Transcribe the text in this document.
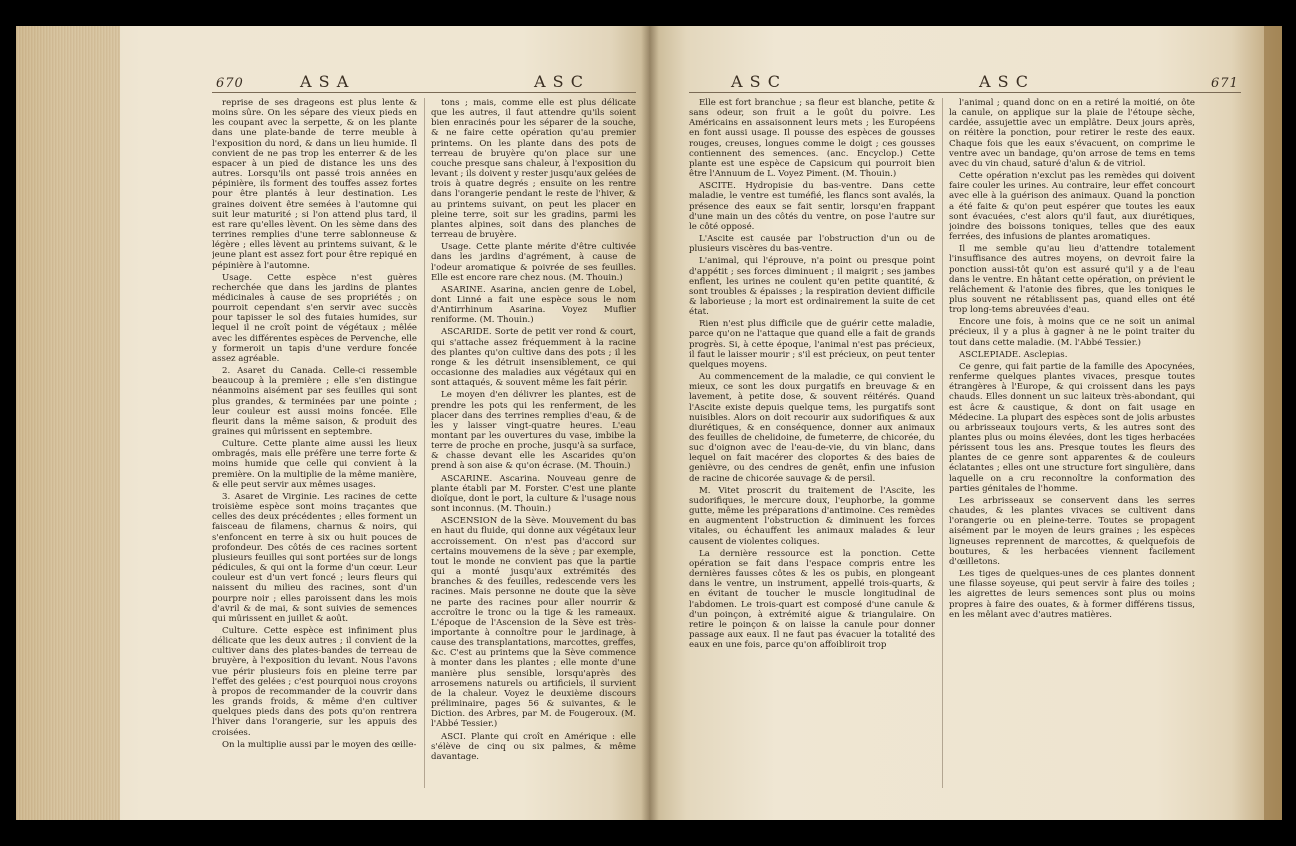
670	A S A	A S C

reprise de ses drageons est plus lente & moins sûre. On les sépare des vieux pieds en les coupant avec la serpette, & on les plante dans une plate-bande de terre meuble à l'exposition du nord, & dans un lieu humide. Il convient de ne pas trop les enterrer & de les espacer à un pied de distance les uns des autres. Lorsqu'ils ont passé trois années en pépinière, ils forment des touffes assez fortes pour être plantés à leur destination. Les graines doivent être semées à l'automne qui suit leur maturité ; si l'on attend plus tard, il est rare qu'elles lèvent. On les sème dans des terrines remplies d'une terre sablonneuse & légère ; elles lèvent au printems suivant, & le jeune plant est assez fort pour être repiqué en pépinière à l'automne.

Usage. Cette espèce n'est guères recherchée que dans les jardins de plantes médicinales à cause de ses propriétés ; on pourroit cependant s'en servir avec succès pour tapisser le sol des futaies humides, sur lequel il ne croît point de végétaux ; mêlée avec les différentes espèces de Pervenche, elle y formeroit un tapis d'une verdure foncée assez agréable.

2. Asaret du Canada. Celle-ci ressemble beaucoup à la première ; elle s'en distingue néanmoins aisément par ses feuilles qui sont plus grandes, & terminées par une pointe ; leur couleur est aussi moins foncée. Elle fleurit dans la même saison, & produit des graines qui mûrissent en septembre.

Culture. Cette plante aime aussi les lieux ombragés, mais elle préfère une terre forte & moins humide que celle qui convient à la première. On la multiplie de la même manière, & elle peut servir aux mêmes usages.

3. Asaret de Virginie. Les racines de cette troisième espèce sont moins traçantes que celles des deux précédentes ; elles forment un faisceau de filamens, charnus & noirs, qui s'enfoncent en terre à six ou huit pouces de profondeur. Des côtés de ces racines sortent plusieurs feuilles qui sont portées sur de longs pédicules, & qui ont la forme d'un cœur. Leur couleur est d'un vert foncé ; leurs fleurs qui naissent du milieu des racines, sont d'un pourpre noir ; elles paroissent dans les mois d'avril & de mai, & sont suivies de semences qui mûrissent en juillet & août.

Culture. Cette espèce est infiniment plus délicate que les deux autres ; il convient de la cultiver dans des plates-bandes de terreau de bruyère, à l'exposition du levant. Nous l'avons vue périr plusieurs fois en pleine terre par l'effet des gelées ; c'est pourquoi nous croyons à propos de recommander de la couvrir dans les grands froids, & même d'en cultiver quelques pieds dans des pots qu'on rentrera l'hiver dans l'orangerie, sur les appuis des croisées.

On la multiplie aussi par le moyen des œille-

tons ; mais, comme elle est plus délicate que les autres, il faut attendre qu'ils soient bien enracinés pour les séparer de la souche, & ne faire cette opération qu'au premier printems. On les plante dans des pots de terreau de bruyère qu'on place sur une couche presque sans chaleur, à l'exposition du levant ; ils doivent y rester jusqu'aux gelées de trois à quatre degrés ; ensuite on les rentre dans l'orangerie pendant le reste de l'hiver, & au printems suivant, on peut les placer en pleine terre, soit sur les gradins, parmi les plantes alpines, soit dans des planches de terreau de bruyère.

Usage. Cette plante mérite d'être cultivée dans les jardins d'agrément, à cause de l'odeur aromatique & poivrée de ses feuilles. Elle est encore rare chez nous. (M. Thouin.)

ASARINE. Asarina, ancien genre de Lobel, dont Linné a fait une espèce sous le nom d'Antirrhinum Asarina. Voyez Muflier reniforme. (M. Thouin.)

ASCARIDE. Sorte de petit ver rond & court, qui s'attache assez fréquemment à la racine des plantes qu'on cultive dans des pots ; il les ronge & les détruit insensiblement, ce qui occasionne des maladies aux végétaux qui en sont attaqués, & souvent même les fait périr.

Le moyen d'en délivrer les plantes, est de prendre les pots qui les renferment, de les placer dans des terrines remplies d'eau, & de les y laisser vingt-quatre heures. L'eau montant par les ouvertures du vase, imbibe la terre de proche en proche, jusqu'à sa surface, & chasse devant elle les Ascarides qu'on prend à son aise & qu'on écrase. (M. Thouin.)

ASCARINE. Ascarina. Nouveau genre de plante établi par M. Forster. C'est une plante dioïque, dont le port, la culture & l'usage nous sont inconnus. (M. Thouin.)

ASCENSION de la Sève. Mouvement du bas en haut du fluide, qui donne aux végétaux leur accroissement. On n'est pas d'accord sur certains mouvemens de la sève ; par exemple, tout le monde ne convient pas que la partie qui a monté jusqu'aux extrémités des branches & des feuilles, redescende vers les racines. Mais personne ne doute que la sève ne parte des racines pour aller nourrir & accroître le tronc ou la tige & les rameaux. L'époque de l'Ascension de la Sève est très-importante à connoître pour le jardinage, à cause des transplantations, marcottes, greffes, &c. C'est au printems que la Sève commence à monter dans les plantes ; elle monte d'une manière plus sensible, lorsqu'après des arrosemens naturels ou artificiels, il survient de la chaleur. Voyez le deuxième discours préliminaire, pages 56 & suivantes, & le Diction. des Arbres, par M. de Fougeroux. (M. l'Abbé Tessier.)

ASCI. Plante qui croît en Amérique : elle s'élève de cinq ou six palmes, & même davantage.

A S C	A S C	671

Elle est fort branchue ; sa fleur est blanche, petite & sans odeur, son fruit a le goût du poivre. Les Américains en assaisonnent leurs mets ; les Européens en font aussi usage. Il pousse des espèces de gousses rouges, creuses, longues comme le doigt ; ces gousses contiennent des semences. (anc. Encyclop.) Cette plante est une espèce de Capsicum qui pourroit bien être l'Annuum de L. Voyez Piment. (M. Thouin.)

ASCITE. Hydropisie du bas-ventre. Dans cette maladie, le ventre est tuméfié, les flancs sont avalés, la présence des eaux se fait sentir, lorsqu'en frappant d'une main un des côtés du ventre, on pose l'autre sur le côté opposé.

L'Ascite est causée par l'obstruction d'un ou de plusieurs viscères du bas-ventre.

L'animal, qui l'éprouve, n'a point ou presque point d'appétit ; ses forces diminuent ; il maigrit ; ses jambes enflent, les urines ne coulent qu'en petite quantité, & sont troubles & épaisses ; la respiration devient difficile & laborieuse ; la mort est ordinairement la suite de cet état.

Rien n'est plus difficile que de guérir cette maladie, parce qu'on ne l'attaque que quand elle a fait de grands progrès. Si, à cette époque, l'animal n'est pas précieux, il faut le laisser mourir ; s'il est précieux, on peut tenter quelques moyens.

Au commencement de la maladie, ce qui convient le mieux, ce sont les doux purgatifs en breuvage & en lavement, à petite dose, & souvent réitérés. Quand l'Ascite existe depuis quelque tems, les purgatifs sont nuisibles. Alors on doit recourir aux sudorifiques & aux diurétiques, & en conséquence, donner aux animaux des feuilles de chelidoine, de fumeterre, de chicorée, du suc d'oignon avec de l'eau-de-vie, du vin blanc, dans lequel on fait macérer des cloportes & des baies de genièvre, ou des cendres de genêt, enfin une infusion de racine de chicorée sauvage & de persil.

M. Vitet proscrit du traitement de l'Ascite, les sudorifiques, le mercure doux, l'euphorbe, la gomme gutte, même les préparations d'antimoine. Ces remèdes en augmentent l'obstruction & diminuent les forces vitales, ou échauffent les animaux malades & leur causent de violentes coliques.

La dernière ressource est la ponction. Cette opération se fait dans l'espace compris entre les dernières fausses côtes & les os pubis, en plongeant dans le ventre, un instrument, appellé trois-quarts, & en évitant de toucher le muscle longitudinal de l'abdomen. Le trois-quart est composé d'une canule & d'un poinçon, à extrémité aigue & triangulaire. On retire le poinçon & on laisse la canule pour donner passage aux eaux. Il ne faut pas évacuer la totalité des eaux en une fois, parce qu'on affoibliroit trop

l'animal ; quand donc on en a retiré la moitié, on ôte la canule, on applique sur la plaie de l'étoupe sèche, cardée, assujettie avec un emplâtre. Deux jours après, on réitère la ponction, pour retirer le reste des eaux. Chaque fois que les eaux s'évacuent, on comprime le ventre avec un bandage, qu'on arrose de tems en tems avec du vin chaud, saturé d'alun & de vitriol.

Cette opération n'exclut pas les remèdes qui doivent faire couler les urines. Au contraire, leur effet concourt avec elle à la guérison des animaux. Quand la ponction a été faite & qu'on peut espérer que toutes les eaux sont évacuées, c'est alors qu'il faut, aux diurétiques, joindre des boissons toniques, telles que des eaux ferrées, des infusions de plantes aromatiques.

Il me semble qu'au lieu d'attendre totalement l'insuffisance des autres moyens, on devroit faire la ponction aussi-tôt qu'on est assuré qu'il y a de l'eau dans le ventre. En hâtant cette opération, on prévient le relâchement & l'atonie des fibres, que les toniques le plus souvent ne rétablissent pas, quand elles ont été trop long-tems abreuvées d'eau.

Encore une fois, à moins que ce ne soit un animal précieux, il y a plus à gagner à ne le point traiter du tout dans cette maladie. (M. l'Abbé Tessier.)

ASCLEPIADE. Asclepias.

Ce genre, qui fait partie de la famille des Apocynées, renferme quelques plantes vivaces, presque toutes étrangères à l'Europe, & qui croissent dans les pays chauds. Elles donnent un suc laiteux très-abondant, qui est âcre & caustique, & dont on fait usage en Médecine. La plupart des espèces sont de jolis arbustes ou arbrisseaux toujours verts, & les autres sont des plantes plus ou moins élevées, dont les tiges herbacées périssent tous les ans. Presque toutes les fleurs des plantes de ce genre sont apparentes & de couleurs éclatantes ; elles ont une structure fort singulière, dans laquelle on a cru reconnoître la conformation des parties génitales de l'homme.

Les arbrisseaux se conservent dans les serres chaudes, & les plantes vivaces se cultivent dans l'orangerie ou en pleine-terre. Toutes se propagent aisément par le moyen de leurs graines ; les espèces ligneuses reprennent de marcottes, & quelquefois de boutures, & les herbacées viennent facilement d'œilletons.

Les tiges de quelques-unes de ces plantes donnent une filasse soyeuse, qui peut servir à faire des toiles ; les aigrettes de leurs semences sont plus ou moins propres à faire des ouates, & à former différens tissus, en les mêlant avec d'autres matières.
